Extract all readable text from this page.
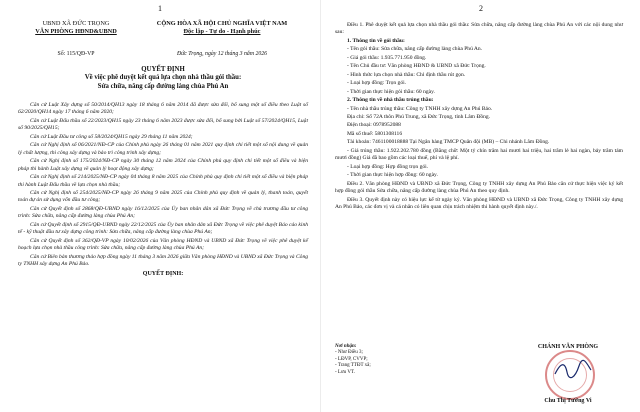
1
UBND XÃ ĐỨC TRỌNG
VĂN PHÒNG HĐND&UBND
Số: 115/QĐ-VP
CỘNG HÒA XÃ HỘI CHỦ NGHĨA VIỆT NAM
Độc lập - Tự do - Hạnh phúc
Đức Trọng, ngày 12 tháng 3 năm 2026
QUYẾT ĐỊNH
Về việc phê duyệt kết quả lựa chọn nhà thầu gói thầu:
Sửa chữa, nâng cấp đường làng chùa Phú An

Căn cứ Luật Xây dựng số 50/2014/QH13 ngày 18 tháng 6 năm 2014 đã được sửa đổi, bổ sung một số điều theo Luật số 62/2020/QH14 ngày 17 tháng 6 năm 2020;

Căn cứ Luật Đấu thầu số 22/2023/QH15 ngày 23 tháng 6 năm 2023 được sửa đổi, bổ sung bởi Luật số 57/2024/QH15, Luật số 90/2025/QH15;

Căn cứ Luật Đầu tư công số 58/2024/QH15 ngày 29 tháng 11 năm 2024;

Căn cứ Nghị định số 06/2021/NĐ-CP của Chính phủ ngày 26 tháng 01 năm 2021 quy định chi tiết một số nội dung về quản lý chất lượng, thi công xây dựng và bảo trì công trình xây dựng;

Căn cứ Nghị định số 175/2024/NĐ-CP ngày 30 tháng 12 năm 2024 của Chính phủ quy định chi tiết một số điều và biện pháp thi hành Luật xây dựng về quản lý hoạt động xây dựng;

Căn cứ Nghị định số 214/2025/NĐ-CP ngày 04 tháng 8 năm 2025 của Chính phủ quy định chi tiết một số điều và biện pháp thi hành Luật Đấu thầu về lựa chọn nhà thầu;

Căn cứ Nghị định số 254/2025/NĐ-CP ngày 26 tháng 9 năm 2025 của Chính phủ quy định về quản lý, thanh toán, quyết toán dự án sử dụng vốn đầu tư công;

Căn cứ Quyết định số 2868/QĐ-UBND ngày 16/12/2025 của Ủy ban nhân dân xã Đức Trọng về chủ trương đầu tư công trình: Sửa chữa, nâng cấp đường làng chùa Phú An;

Căn cứ Quyết định số 2915/QĐ-UBND ngày 22/12/2025 của Ủy ban nhân dân xã Đức Trọng về việc phê duyệt Báo cáo kinh tế - kỹ thuật đầu tư xây dựng công trình: Sửa chữa, nâng cấp đường làng chùa Phú An;

Căn cứ Quyết định số 362/QĐ-VP ngày 10/02/2026 của Văn phòng HĐND và UBND xã Đức Trọng về việc phê duyệt kế hoạch lựa chọn nhà thầu công trình: Sửa chữa, nâng cấp đường làng chùa Phú An;

Căn cứ Biên bản thương thảo hợp đồng ngày 11 tháng 3 năm 2026 giữa Văn phòng HĐND và UBND xã Đức Trọng và Công ty TNHH xây dựng An Phú Bảo.

QUYẾT ĐỊNH:

2

Điều 1. Phê duyệt kết quả lựa chọn nhà thầu gói thầu: Sửa chữa, nâng cấp đường làng chùa Phú An với các nội dung như sau:

1. Thông tin về gói thầu:

- Tên gói thầu: Sửa chữa, nâng cấp đường làng chùa Phú An.

- Giá gói thầu: 1.935.771.950 đồng.

- Tên Chủ đầu tư: Văn phòng HĐND & UBND xã Đức Trọng.

- Hình thức lựa chọn nhà thầu: Chỉ định thầu rút gọn.

- Loại hợp đồng: Trọn gói.

- Thời gian thực hiện gói thầu: 60 ngày.

2. Thông tin về nhà thầu trúng thầu:

- Tên nhà thầu trúng thầu: Công ty TNHH xây dựng An Phú Bảo.

Địa chỉ: Số 72A thôn Phú Trung, xã Đức Trọng, tỉnh Lâm Đồng.

Điện thoại: 0978952088

Mã số thuế: 5801308116

Tài khoản: 7461100018888 Tại Ngân hàng TMCP Quân đội (MB) – Chi nhánh Lâm Đồng.

- Giá trúng thầu: 1.922.202.780 đồng (Bằng chữ: Một tỷ chín trăm hai mươi hai triệu, hai trăm lẻ hai ngàn, bảy trăm tám mươi đồng) Giá đã bao gồm các loại thuế, phí và lệ phí.

- Loại hợp đồng: Hợp đồng trọn gói.

- Thời gian thực hiện hợp đồng: 60 ngày.

Điều 2. Văn phòng HĐND và UBND xã Đức Trọng, Công ty TNHH xây dựng An Phú Bảo căn cứ thực hiện việc ký kết hợp đồng gói thầu Sửa chữa, nâng cấp đường làng chùa Phú An theo quy định.

Điều 3. Quyết định này có hiệu lực kể từ ngày ký. Văn phòng HĐND và UBND xã Đức Trọng, Công ty TNHH xây dựng An Phú Bảo, các đơn vị và cá nhân có liên quan chịu trách nhiệm thi hành quyết định này./.

Nơi nhận:
- Như Điều 3;
- LĐVP, CVVP;
- Trang TTĐT xã;
- Lưu VT.
CHÁNH VĂN PHÒNG
Chu Thị Tường Vi
